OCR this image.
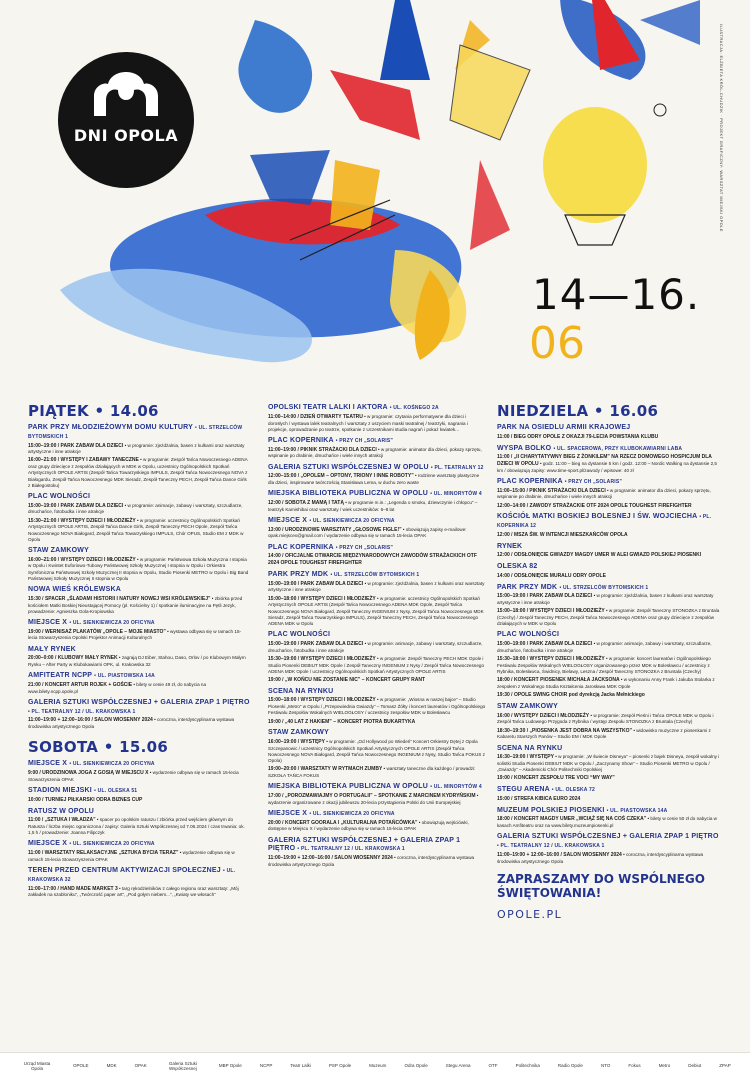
DNI OPOLA
2024
14—16.
06
ILUSTRACJA: ELŻBIETA KRÓL-CHUDZIK · PROJEKT GRAFICZNY: WARSZTAT MIEJSKI OPOLE
PIĄTEK • 14.06
PARK PRZY MŁODZIEŻOWYM DOMU KULTURY • UL. STRZELCÓW BYTOMSKICH 1
15:00–19:00 / PARK ZABAW DLA DZIECI • w programie: zjeżdżalnia, basen z kulkami oraz warsztaty artystyczne i inne atrakcje
16:00–21:00 / WYSTĘPY I ZABAWY TANECZNE • w programie: Zespół Tańca Nowoczesnego ADENA oraz grupy dziecięce z zespołów działających w MDK w Opolu, uczestnicy Ogólnopolskich Spotkań Artystycznych OPOLE ARTIS (Zespół Tańca Towarzyskiego IMPULS, Zespół Tańca Nowoczesnego NOVA z Białogardu, Zespół Tańca Nowoczesnego MDK Sieradz, Zespół Taneczny PECH, Zespół Tańca Dance Girls z Białegostoku)
PLAC WOLNOŚCI
15:00–19:00 / PARK ZABAW DLA DZIECI • w programie: animacje, zabawy i warsztaty, szczudlarze, dmuchańce, fotobudka i inne atrakcje
15:30–21:00 / WYSTĘPY DZIECI I MŁODZIEŻY • w programie: uczestnicy Ogólnopolskich Spotkań Artystycznych OPOLE ARTIS, Zespół Tańca Dance Girls, Zespół Taneczny PECH Opole, Zespół Tańca Nowoczesnego NOVA Białogard, Zespół Tańca Towarzyskiego IMPULS, Chór OPUS, Studio EM z MDK w Opolu
STAW ZAMKOWY
16:00–21:00 / WYSTĘPY DZIECI I MŁODZIEŻY • w programie: Państwowa Szkoła Muzyczna I stopnia w Opolu i Kwintet Euforiowo-Tubowy Państwowej Szkoły Muzycznej I stopnia w Opolu i Orkiestra Symfoniczna Państwowej Szkoły Muzycznej II stopnia w Opolu, Studio Piosenki METRO w Opolu i Big Band Państwowej Szkoły Muzycznej II stopnia w Opolu
NOWA WIEŚ KRÓLEWSKA
15:30 / SPACER „ŚLADAMI HISTORII I NATURY NOWEJ WSI KRÓLEWSKIEJ” • zbiórka przed kościołem Matki Boskiej Nieustającej Pomocy (pl. Kościelny 1) / spotkanie iluminacyjne na Pętli Jezyk, prowadzenie: Agnieszka Gola-Kropiowska
MIEJSCE X • UL. SIENKIEWICZA 20 OFICYNA
19:00 / WERNISAŻ PLAKATÓW „OPOLE – MOJE MIASTO” • wystawa odbywa się w ramach 15-lecia Stowarzyszenia Opolski Projektor Animacji Kulturalnych
MAŁY RYNEK
20:00–0:00 / KLUBOWY MAŁY RYNEK • zagrają DJ Eiber, Stahou, Daso, Orlov / po Klubowym Małym Rynku – After Party w Klubokawiarni OPK, ul. Krakowska 32
AMFITEATR NCPP • UL. PIASTOWSKA 14A
21:00 / KONCERT ARTUR ROJEK + GOŚCIE • bilety w cenie 49 zł, do nabycia na www.bilety.ncpp.opole.pl
GALERIA SZTUKI WSPÓŁCZESNEJ + GALERIA ZPAP 1 PIĘTRO • PL. TEATRALNY 12 / UL. KRAKOWSKA 1
11:00–19:00 + 12:00–16:00 / SALON WIOSENNY 2024 • coroczna, interdyscyplinarna wystawa środowiska artystycznego Opola
SOBOTA • 15.06
MIEJSCE X • UL. SIENKIEWICZA 20 OFICYNA
9:00 / URODZINOWA JOGA Z GOSIĄ W MIEJSCU X • wydarzenie odbywa się w ramach 15-lecia Stowarzyszenia OPAK
STADION MIEJSKI • UL. OLESKA 51
10:00 / TURNIEJ PIŁKARSKI ODRA BIZNES CUP
RATUSZ W OPOLU
11:00 / „SZTUKA I WŁADZA” • spacer po opolskim ratuszu / zbiórka przed wejściem głównym do Ratusza / liczba miejsc ograniczona / zapisy: Galeria Sztuki Współczesnej od 7.06.2024 / czas trwania: ok. 1,5 h / prowadzenie: Joanna Filipczyk
MIEJSCE X • UL. SIENKIEWICZA 20 OFICYNA
11:00 / WARSZTATY RELAKSACYJNE „SZTUKA BYCIA TERAZ” • wydarzenie odbywa się w ramach 15-lecia Stowarzyszenia OPAK
TEREN PRZED CENTRUM AKTYWIZACJI SPOŁECZNEJ • UL. KRAKOWSKA 32
11:00–17:00 / HAND MADE MARKET 3 • targ rękodzielników z całego regionu oraz warsztaty: „Mój zakładek na szabloniku”, „Twórczość paper art”, „Pod gołym niebem...”, „Kwiaty we włosach”
OPOLSKI TEATR LALKI I AKTORA • UL. KOŚNEGO 2A
11:00–14:00 / DZIEŃ OTWARTY TEATRU • w programie: czytania performatywne dla dzieci i dorosłych / wystawa lalek teatralnych / warsztaty z uszyciem maski teatralnej / teatrzyki, nagrania i projekcje, oprowadzanie po teatrze, spotkanie z Uczestnikami studia nagrań i pokaż kwiatek...
PLAC KOPERNIKA • PRZY CH „SOLARIS”
11:00–19:00 / PIKNIK STRAŻACKI DLA DZIECI • w programie: animator dla dzieci, pokazy sprzętu, wspinanie po drabinie, dmuchańce i wiele innych atrakcji
GALERIA SZTUKI WSPÓŁCZESNEJ W OPOLU • PL. TEATRALNY 12
12:00–15:00 / „OPOLEM – OPTONY, TRIONY I INNE ROBOTY” • rodzinne warsztaty plastyczne dla dzieci, inspirowane twórczością Stanisława Lema, w duchu zero waste
MIEJSKA BIBLIOTEKA PUBLICZNA W OPOLU • UL. MINORYTÓW 4
12:00 / SOBOTA Z MAMĄ I TATĄ • w programie m.in.: „Legenda o smoku, dziewczynie i chłopcu” – teatrzyk Kamishibai oraz warsztaty / wiek uczestników: 6–8 lat
MIEJSCE X • UL. SIENKIEWICZA 20 OFICYNA
13:00 / URODZINOWE WARSZTATY „GŁOSOWE FIGLE!” • obowiązują zapisy e-mailowe: opak.miejscex@gmail.com / wydarzenie odbywa się w ramach 15-lecia OPAK
PLAC KOPERNIKA • PRZY CH „SOLARIS”
14:00 / OFICJALNE OTWARCIE MIĘDZYNARODOWYCH ZAWODÓW STRAŻACKICH OTF 2024 OPOLE TOUGHEST FIREFIGHTER
PARK PRZY MDK • UL. STRZELCÓW BYTOMSKICH 1
15:00–19:00 / PARK ZABAW DLA DZIECI • w programie: zjeżdżalnia, basen z kulkami oraz warsztaty artystyczne i inne atrakcje
15:00–18:00 / WYSTĘPY DZIECI I MŁODZIEŻY • w programie: uczestnicy Ogólnopolskich Spotkań Artystycznych OPOLE ARTIS (Zespół Tańca Nowoczesnego ADENA MDK Opole, Zespół Tańca Nowoczesnego NOVA Białogard, Zespół Taneczny INGENIUM z Nysy, Zespół Tańca Nowoczesnego MDK Sieradz, Zespół Tańca Towarzyskiego IMPULS), Zespół Taneczny PECH, Zespół Tańca Nowoczesnego ADENA MDK w Opolu
PLAC WOLNOŚCI
15:00–19:00 / PARK ZABAW DLA DZIECI • w programie: animacje, zabawy i warsztaty, szczudlarze, dmuchańce, fotobudka i inne atrakcje
15:30–19:00 / WYSTĘPY DZIECI I MŁODZIEŻY • w programie: Zespół Taneczny PECH MDK Opole i Studio Piosenki DEBIUT MDK Opole / Zespół Taneczny INGENIUM z Nysy / Zespół Tańca Nowoczesnego ADENA MDK Opole / uczestnicy Ogólnopolskich Spotkań Artystycznych OPOLE ARTIS
19:00 / „W KOŃCU NIE ZOSTANIE NIC” – KONCERT GRUPY RANT
SCENA NA RYNKU
15:00–18:00 / WYSTĘPY DZIECI I MŁODZIEŻY • w programie: „Wiosna w naszej bajce” – Studio Piosenki „Metro” w Opolu / „Przepowiednia Gwiazdy” – Tomasz Żółty i koncert laureatów i Ogólnopolskiego Festiwalu Zespołów Wokalnych WIELOGŁOSY / uczestnicy zespołów MDK w Bolesławcu
19:00 / „40 LAT Z HAKIEM” – KONCERT PIOTRA BUKARTYKA
STAW ZAMKOWY
16:00–19:00 / WYSTĘPY • w programie: „Od Hollywood po Wiedeń” Koncert Orkiestry Dętej z Opola Szczepanowic / uczestnicy Ogólnopolskich Spotkań Artystycznych OPOLE ARTIS (Zespół Tańca Nowoczesnego NOVA Białogard, Zespół Tańca Nowoczesnego INGENIUM z Nysy, Studio Tańca FOKUS z Opola)
19:00–20:00 / WARSZTATY W RYTMACH ZUMBY • warsztaty taneczne dla każdego / prowadzi: SZKOŁA TAŃCA FOKUS
MIEJSKA BIBLIOTEKA PUBLICZNA W OPOLU • UL. MINORYTÓW 4
17:00 / „POROZMAWIAJMY O PORTUGALII” – SPOTKANIE Z MARCINEM KYDRYŃSKIM • wydarzenie organizowane z okazji jubileuszu 20-lecia przystąpienia Polski do Unii Europejskiej
MIEJSCE X • UL. SIENKIEWICZA 20 OFICYNA
20:00 / KONCERT GOORALA I „KULTURALNA POTAŃCÓWKA” • obowiązują wejściówki, dostępne w Miejscu X / wydarzenie odbywa się w ramach 15-lecia OPAK
GALERIA SZTUKI WSPÓŁCZESNEJ + GALERIA ZPAP 1 PIĘTRO • PL. TEATRALNY 12 / UL. KRAKOWSKA 1
11:00–19:00 + 12:00–16:00 / SALON WIOSENNY 2024 • coroczna, interdyscyplinarna wystawa środowiska artystycznego Opola
NIEDZIELA • 16.06
PARK NA OSIEDLU ARMII KRAJOWEJ
11:00 / BIEG ODRY OPOLE Z OKAZJI 79-LECIA POWSTANIA KLUBU
WYSPA BOLKO • UL. SPACEROWA, PRZY KLUBOKAWIARNI LABA
11:00 / „II CHARYTATYWNY BIEG Z ŻONKILEM” NA RZECZ DOMOWEGO HOSPICJUM DLA DZIECI W OPOLU • godz. 11:00 – bieg na dystansie 5 km / godz. 12:00 – Nordic Walking na dystansie 2,5 km / obowiązują zapisy: www.time-sport.pl/zawody / wpisowe: 40 zł
PLAC KOPERNIKA • PRZY CH „SOLARIS”
11:00–15:00 / PIKNIK STRAŻACKI DLA DZIECI • w programie: animator dla dzieci, pokazy sprzętu, wspinanie po drabinie, dmuchańce i wiele innych atrakcji
12:00–14:00 / ZAWODY STRAŻACKIE OTF 2024 OPOLE TOUGHEST FIREFIGHTER
KOŚCIÓŁ MATKI BOSKIEJ BOLESNEJ I ŚW. WOJCIECHA • PL. KOPERNIKA 12
12:00 / MSZA ŚW. W INTENCJI MIESZKAŃCÓW OPOLA
RYNEK
12:00 / ODSŁONIĘCIE GWIAZDY MAGDY UMER W ALEI GWIAZD POLSKIEJ PIOSENKI
OLESKA 82
14:00 / ODSŁONIĘCIE MURALU ODRY OPOLE
PARK PRZY MDK • UL. STRZELCÓW BYTOMSKICH 1
15:00–19:00 / PARK ZABAW DLA DZIECI • w programie: zjeżdżalnia, basen z kulkami oraz warsztaty artystyczne i inne atrakcje
15:00–18:00 / WYSTĘPY DZIECI I MŁODZIEŻY • w programie: Zespół Taneczny STONOZKA z Bruntala (Czechy) / Zespół Taneczny PECH, Zespół Tańca Nowoczesnego ADENA oraz grupy dziecięce z zespołów działających w MDK w Opolu
PLAC WOLNOŚCI
15:00–19:00 / PARK ZABAW DLA DZIECI • w programie: animacje, zabawy i warsztaty, szczudlarze, dmuchańce, fotobudka i inne atrakcje
15:30–18:00 / WYSTĘPY DZIECI I MŁODZIEŻY • w programie: koncert laureatów i Ogólnopolskiego Festiwalu Zespołów Wokalnych WIELOGŁOSY organizowanego przez MDK w Bolesławcu / uczestnicy z Rybnika, Bolesławca, Świdnicy, Bielawy, Leszna / Zespół Taneczny STONOZKA z Bruntala (Czechy)
18:00 / KONCERT PIOSENEK MICHAŁA JACKSONA • w wykonaniu Anny Frank i Jakuba Stolarka z zespołem z Wokalnego Studia Kształcenia Jarosława MDK Opole
19:30 / OPOLE SWING CHOIR pod dyrekcją Jacka Mełnickiego
STAW ZAMKOWY
16:00 / WYSTĘPY DZIECI I MŁODZIEŻY • w programie: Zespół Pieśni i Tańca OPOLE MDK w Opolu i Zespół Tańca Ludowego Przygoda z Rybnika / występ Zespołu STONOZKA z Bruntala (Czechy)
18:30–19:30 / „PIOSENKA JEST DOBRA NA WSZYSTKO” • widowisko muzyczne z piosenkami z Kabaretu Starszych Panów – Studio EM / MDK Opole
SCENA NA RYNKU
16:30–19:00 / WYSTĘPY • w programie: „W świecie Disneya” – piosenki z bajek Disneya, zespół wokalny i solistki Studia Piosenki DEBIUT MDK w Opolu / „Zaczynamy Show” – Studio Piosenki METRO w Opolu / „Gwiazdy” – Akademicki Chór Politechniki Opolskiej
19:00 / KONCERT ZESPOŁU TRE VOCI “MY WAY”
STEGU ARENA • UL. OLESKA 72
15:00 / STREFA KIBICA EURO 2024
MUZEUM POLSKIEJ PIOSENKI • UL. PIASTOWSKA 14A
18:00 / KONCERT MAGDY UMER „WCIĄŻ SIĘ NA COŚ CZEKA” • bilety w cenie 50 zł do nabycia w kasach Amfiteatru oraz na www.bilety.muzeumpiosenki.pl
GALERIA SZTUKI WSPÓŁCZESNEJ + GALERIA ZPAP 1 PIĘTRO • PL. TEATRALNY 12 / UL. KRAKOWSKA 1
11:00–19:00 + 12:00–16:00 / SALON WIOSENNY 2024 • coroczna, interdyscyplinarna wystawa środowiska artystycznego Opola
ZAPRASZAMY DO WSPÓLNEGO ŚWIĘTOWANIA!
OPOLE.PL
Urząd Miasta Opola	OPOLE	MDK	OPAK	Galeria Sztuki Współczesnej	MBP Opole	NCPP	Teatr Lalki	PSP Opole	Muzeum	Odra Opole	Stegu Arena	OTF	Politechnika	Radio Opole	NTO	Fokus	Metro	Debiut	ZPAP
